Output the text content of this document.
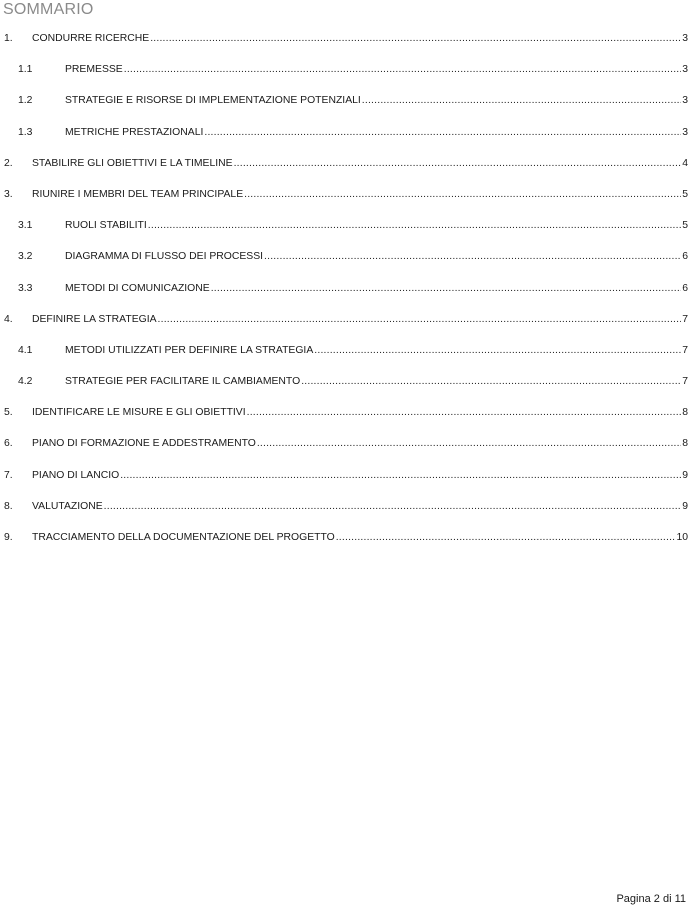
SOMMARIO
1.	CONDURRE RICERCHE .....	3
1.1	PREMESSE .....	3
1.2	STRATEGIE E RISORSE DI IMPLEMENTAZIONE POTENZIALI .....	3
1.3	METRICHE PRESTAZIONALI .....	3
2.	STABILIRE GLI OBIETTIVI E LA TIMELINE .....	4
3.	RIUNIRE I MEMBRI DEL TEAM PRINCIPALE .....	5
3.1	RUOLI STABILITI .....	5
3.2	DIAGRAMMA DI FLUSSO DEI PROCESSI .....	6
3.3	METODI DI COMUNICAZIONE .....	6
4.	DEFINIRE LA STRATEGIA .....	7
4.1	METODI UTILIZZATI PER DEFINIRE LA STRATEGIA .....	7
4.2	STRATEGIE PER FACILITARE IL CAMBIAMENTO .....	7
5.	IDENTIFICARE LE MISURE E GLI OBIETTIVI .....	8
6.	PIANO DI FORMAZIONE E ADDESTRAMENTO .....	8
7.	PIANO DI LANCIO .....	9
8.	VALUTAZIONE .....	9
9.	TRACCIAMENTO DELLA DOCUMENTAZIONE DEL PROGETTO .....	10
Pagina 2 di 11
